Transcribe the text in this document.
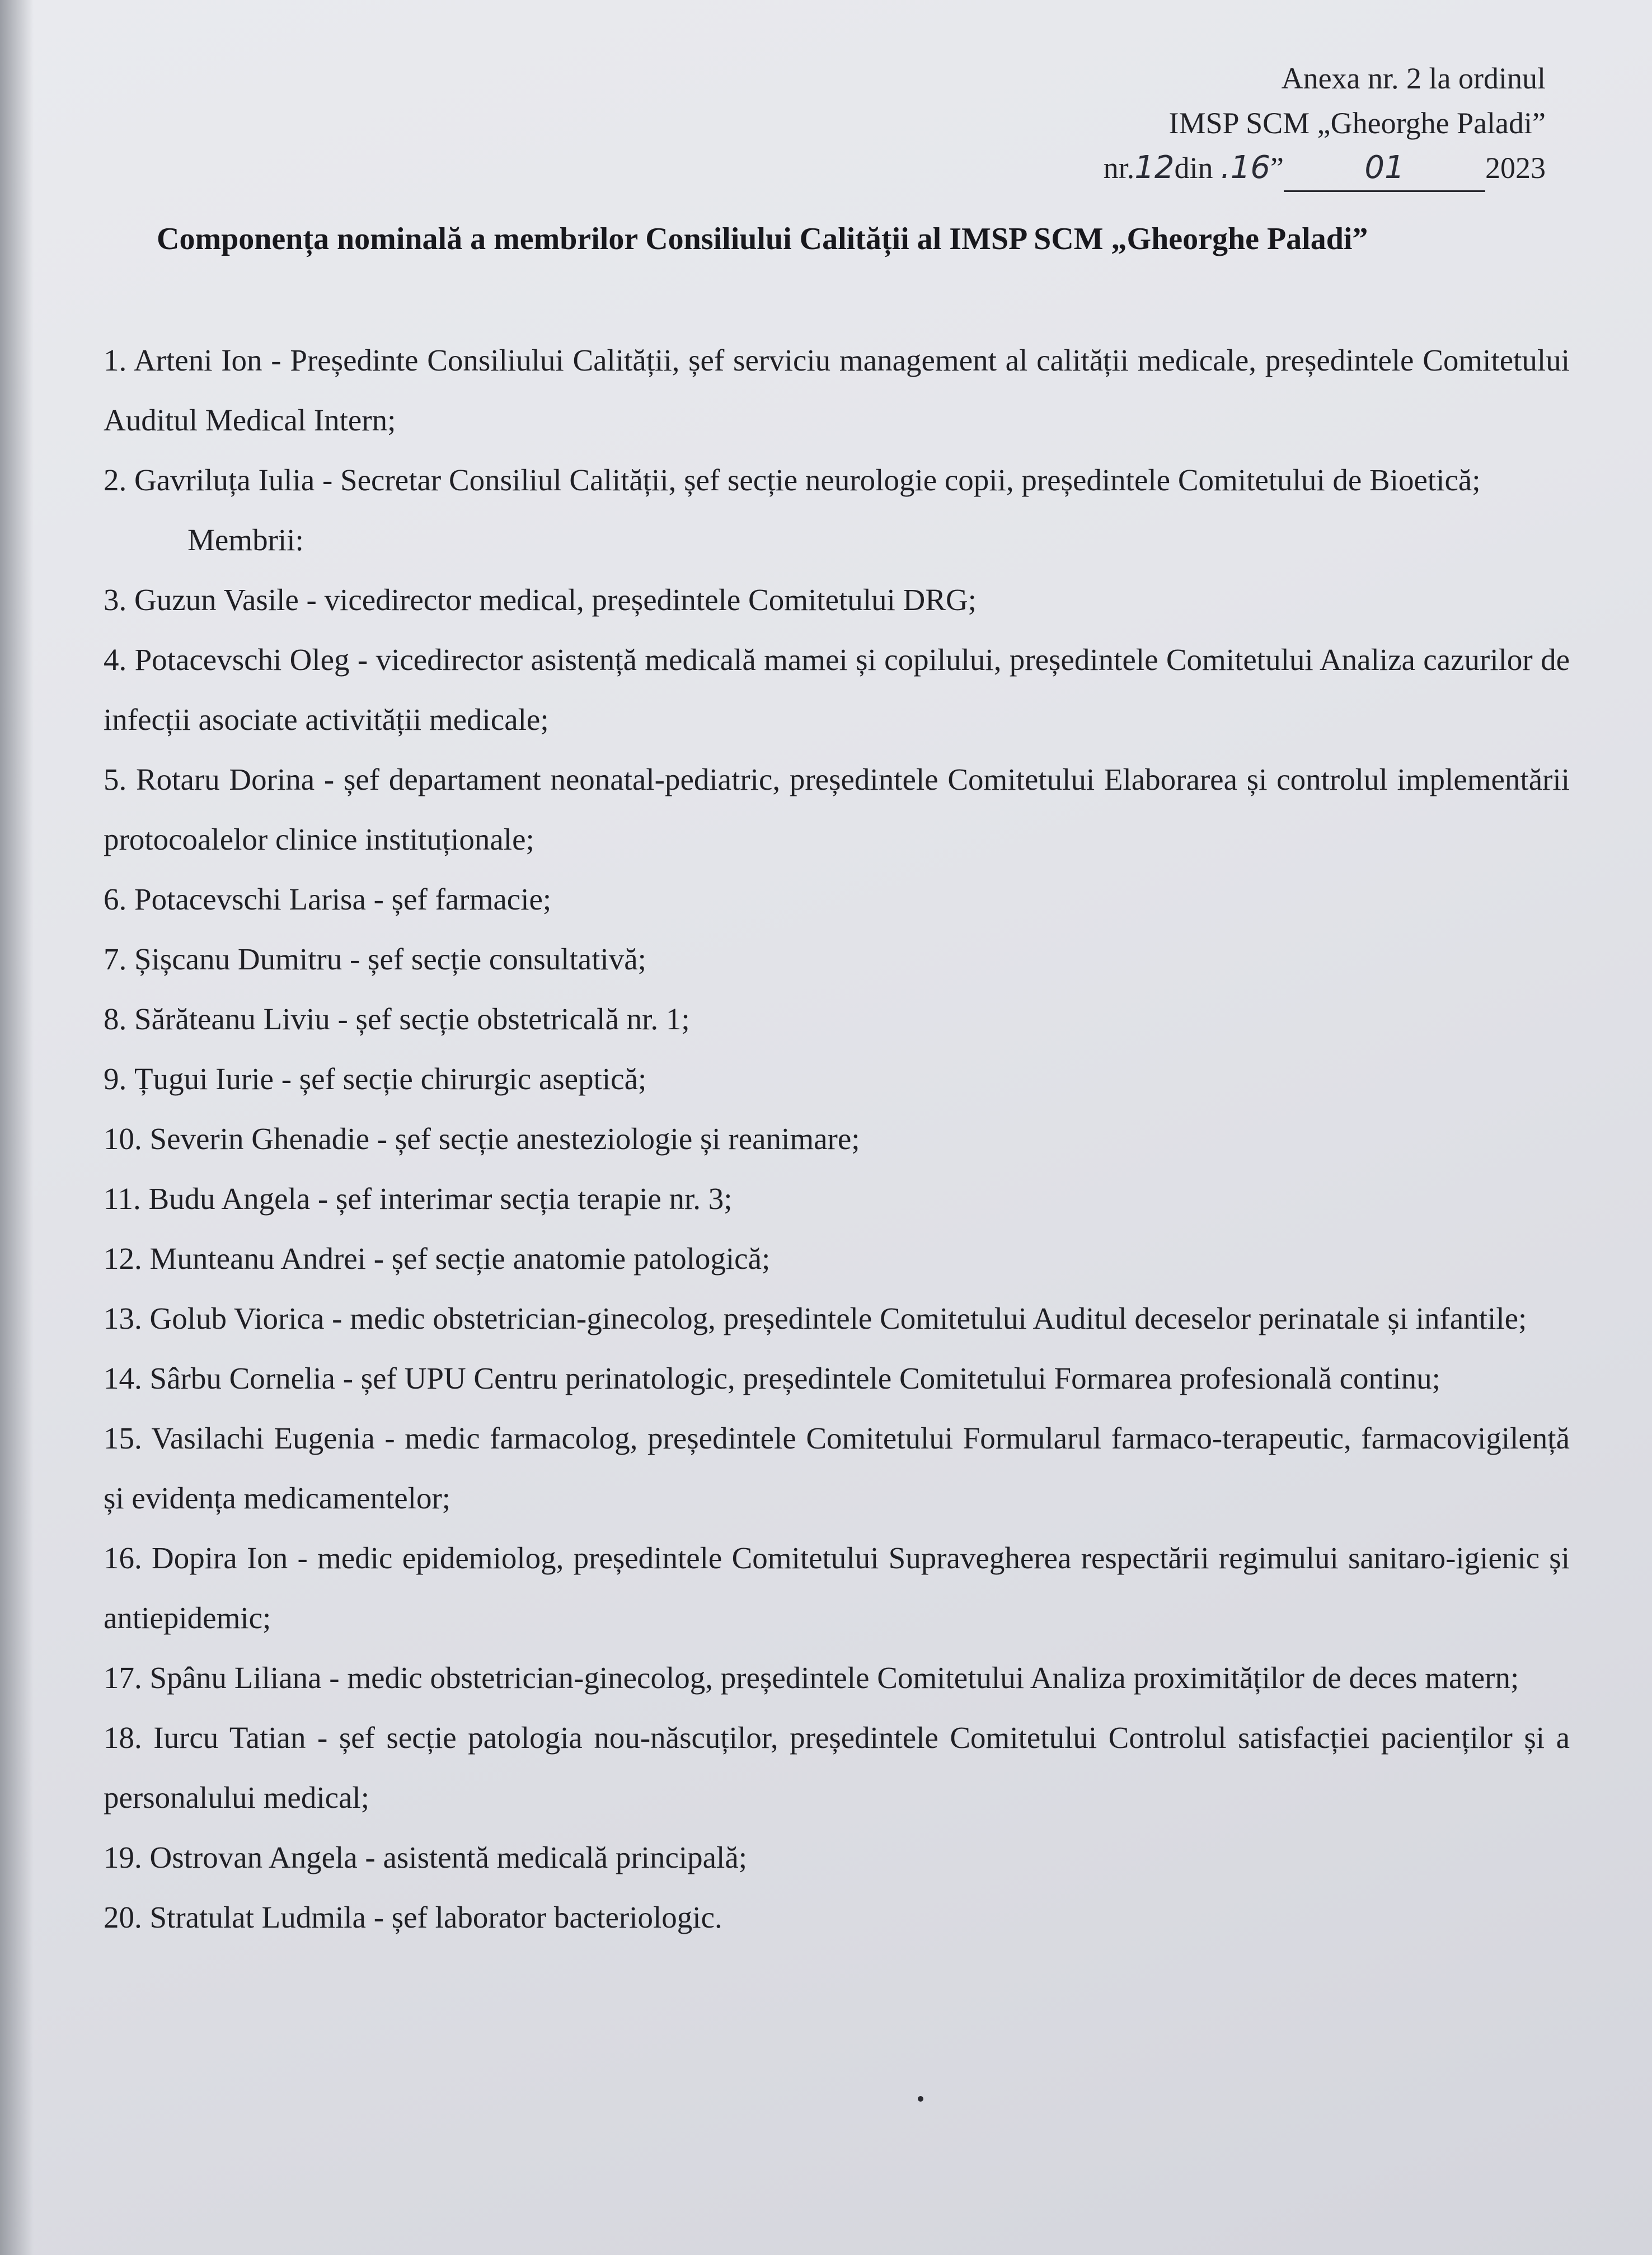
Anexa nr. 2 la ordinul
IMSP SCM „Gheorghe Paladi”
nr.12din .16”	01	2023
Componența nominală a membrilor Consiliului Calității al IMSP SCM „Gheorghe Paladi”

1. Arteni Ion - Președinte Consiliului Calității, șef serviciu management al calității medicale, președintele Comitetului Auditul Medical Intern;

2. Gavriluța Iulia - Secretar Consiliul Calității, șef secție neurologie copii, președintele Comitetului de Bioetică;

Membrii:

3. Guzun Vasile - vicedirector medical, președintele Comitetului DRG;

4. Potacevschi Oleg - vicedirector asistență medicală mamei și copilului, președintele Comitetului Analiza cazurilor de infecții asociate activității medicale;

5. Rotaru Dorina - șef departament neonatal-pediatric, președintele Comitetului Elaborarea și controlul implementării protocoalelor clinice instituționale;

6. Potacevschi Larisa - șef farmacie;

7. Șișcanu Dumitru - șef secție consultativă;

8. Sărăteanu Liviu - șef secție obstetricală nr. 1;

9. Țugui Iurie - șef secție chirurgic aseptică;

10. Severin Ghenadie - șef secție anesteziologie și reanimare;

11. Budu Angela - șef interimar secția terapie nr. 3;

12. Munteanu Andrei - șef secție anatomie patologică;

13. Golub Viorica - medic obstetrician-ginecolog, președintele Comitetului Auditul deceselor perinatale și infantile;

14. Sârbu Cornelia - șef UPU Centru perinatologic, președintele Comitetului Formarea profesională continu;

15. Vasilachi Eugenia - medic farmacolog, președintele Comitetului Formularul farmaco-terapeutic, farmacovigilență și evidența medicamentelor;

16. Dopira Ion - medic epidemiolog, președintele Comitetului Supravegherea respectării regimului sanitaro-igienic și antiepidemic;

17. Spânu Liliana - medic obstetrician-ginecolog, președintele Comitetului Analiza proximităților de deces matern;

18. Iurcu Tatian - șef secție patologia nou-născuților, președintele Comitetului Controlul satisfacției pacienților și a personalului medical;

19. Ostrovan Angela - asistentă medicală principală;

20. Stratulat Ludmila - șef laborator bacteriologic.
